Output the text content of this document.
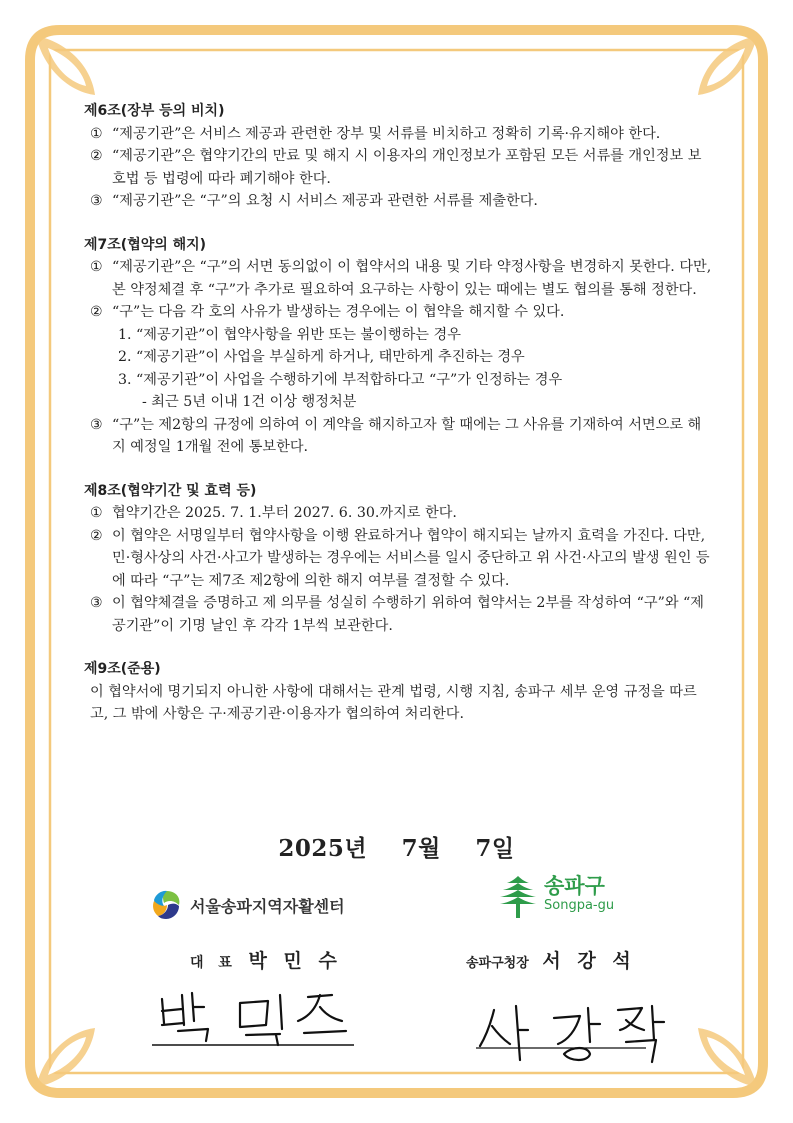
제6조(장부 등의 비치)

① “제공기관”은 서비스 제공과 관련한 장부 및 서류를 비치하고 정확히 기록·유지해야 한다.
② “제공기관”은 협약기간의 만료 및 해지 시 이용자의 개인정보가 포함된 모든 서류를 개인정보 보호법 등 법령에 따라 폐기해야 한다.
③ “제공기관”은 “구”의 요청 시 서비스 제공과 관련한 서류를 제출한다.

제7조(협약의 해지)

① “제공기관”은 “구”의 서면 동의없이 이 협약서의 내용 및 기타 약정사항을 변경하지 못한다. 다만, 본 약정체결 후 “구”가 추가로 필요하여 요구하는 사항이 있는 때에는 별도 협의를 통해 정한다.
② “구”는 다음 각 호의 사유가 발생하는 경우에는 이 협약을 해지할 수 있다.
1. “제공기관”이 협약사항을 위반 또는 불이행하는 경우
2. “제공기관”이 사업을 부실하게 하거나, 태만하게 추진하는 경우
3. “제공기관”이 사업을 수행하기에 부적합하다고 “구”가 인정하는 경우
- 최근 5년 이내 1건 이상 행정처분
③ “구”는 제2항의 규정에 의하여 이 계약을 해지하고자 할 때에는 그 사유를 기재하여 서면으로 해지 예정일 1개월 전에 통보한다.

제8조(협약기간 및 효력 등)

① 협약기간은 2025. 7. 1.부터 2027. 6. 30.까지로 한다.
② 이 협약은 서명일부터 협약사항을 이행 완료하거나 협약이 해지되는 날까지 효력을 가진다. 다만, 민·형사상의 사건·사고가 발생하는 경우에는 서비스를 일시 중단하고 위 사건·사고의 발생 원인 등에 따라 “구”는 제7조 제2항에 의한 해지 여부를 결정할 수 있다.
③ 이 협약체결을 증명하고 제 의무를 성실히 수행하기 위하여 협약서는 2부를 작성하여 “구”와 “제공기관”이 기명 날인 후 각각 1부씩 보관한다.

제9조(준용)

이 협약서에 명기되지 아니한 사항에 대해서는 관계 법령, 시행 지침, 송파구 세부 운영 규정을 따르고, 그 밖에 사항은 구·제공기관·이용자가 협의하여 처리한다.
2025년 7월 7일
서울송파지역자활센터
송파구
Songpa-gu
대 표 박 민 수	송파구청장 서 강 석
